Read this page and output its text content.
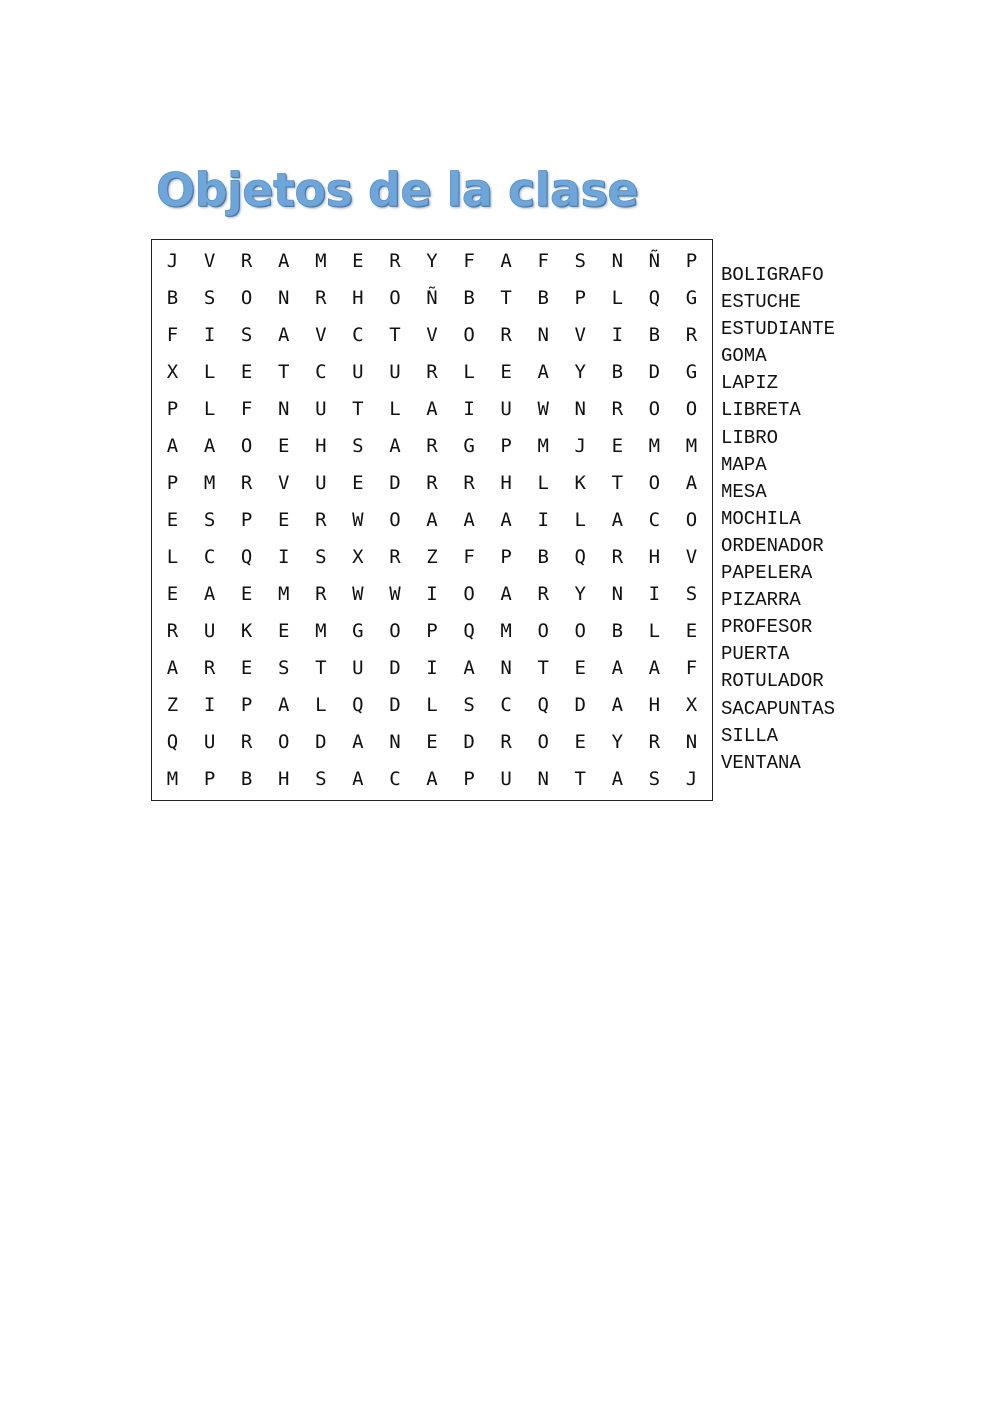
Objetos de la clase
J	V	R	A	M	E	R	Y	F	A	F	S	N	Ñ	P
B	S	O	N	R	H	O	Ñ	B	T	B	P	L	Q	G
F	I	S	A	V	C	T	V	O	R	N	V	I	B	R
X	L	E	T	C	U	U	R	L	E	A	Y	B	D	G
P	L	F	N	U	T	L	A	I	U	W	N	R	O	O
A	A	O	E	H	S	A	R	G	P	M	J	E	M	M
P	M	R	V	U	E	D	R	R	H	L	K	T	O	A
E	S	P	E	R	W	O	A	A	A	I	L	A	C	O
L	C	Q	I	S	X	R	Z	F	P	B	Q	R	H	V
E	A	E	M	R	W	W	I	O	A	R	Y	N	I	S
R	U	K	E	M	G	O	P	Q	M	O	O	B	L	E
A	R	E	S	T	U	D	I	A	N	T	E	A	A	F
Z	I	P	A	L	Q	D	L	S	C	Q	D	A	H	X
Q	U	R	O	D	A	N	E	D	R	O	E	Y	R	N
M	P	B	H	S	A	C	A	P	U	N	T	A	S	J
BOLIGRAFO
ESTUCHE
ESTUDIANTE
GOMA
LAPIZ
LIBRETA
LIBRO
MAPA
MESA
MOCHILA
ORDENADOR
PAPELERA
PIZARRA
PROFESOR
PUERTA
ROTULADOR
SACAPUNTAS
SILLA
VENTANA
